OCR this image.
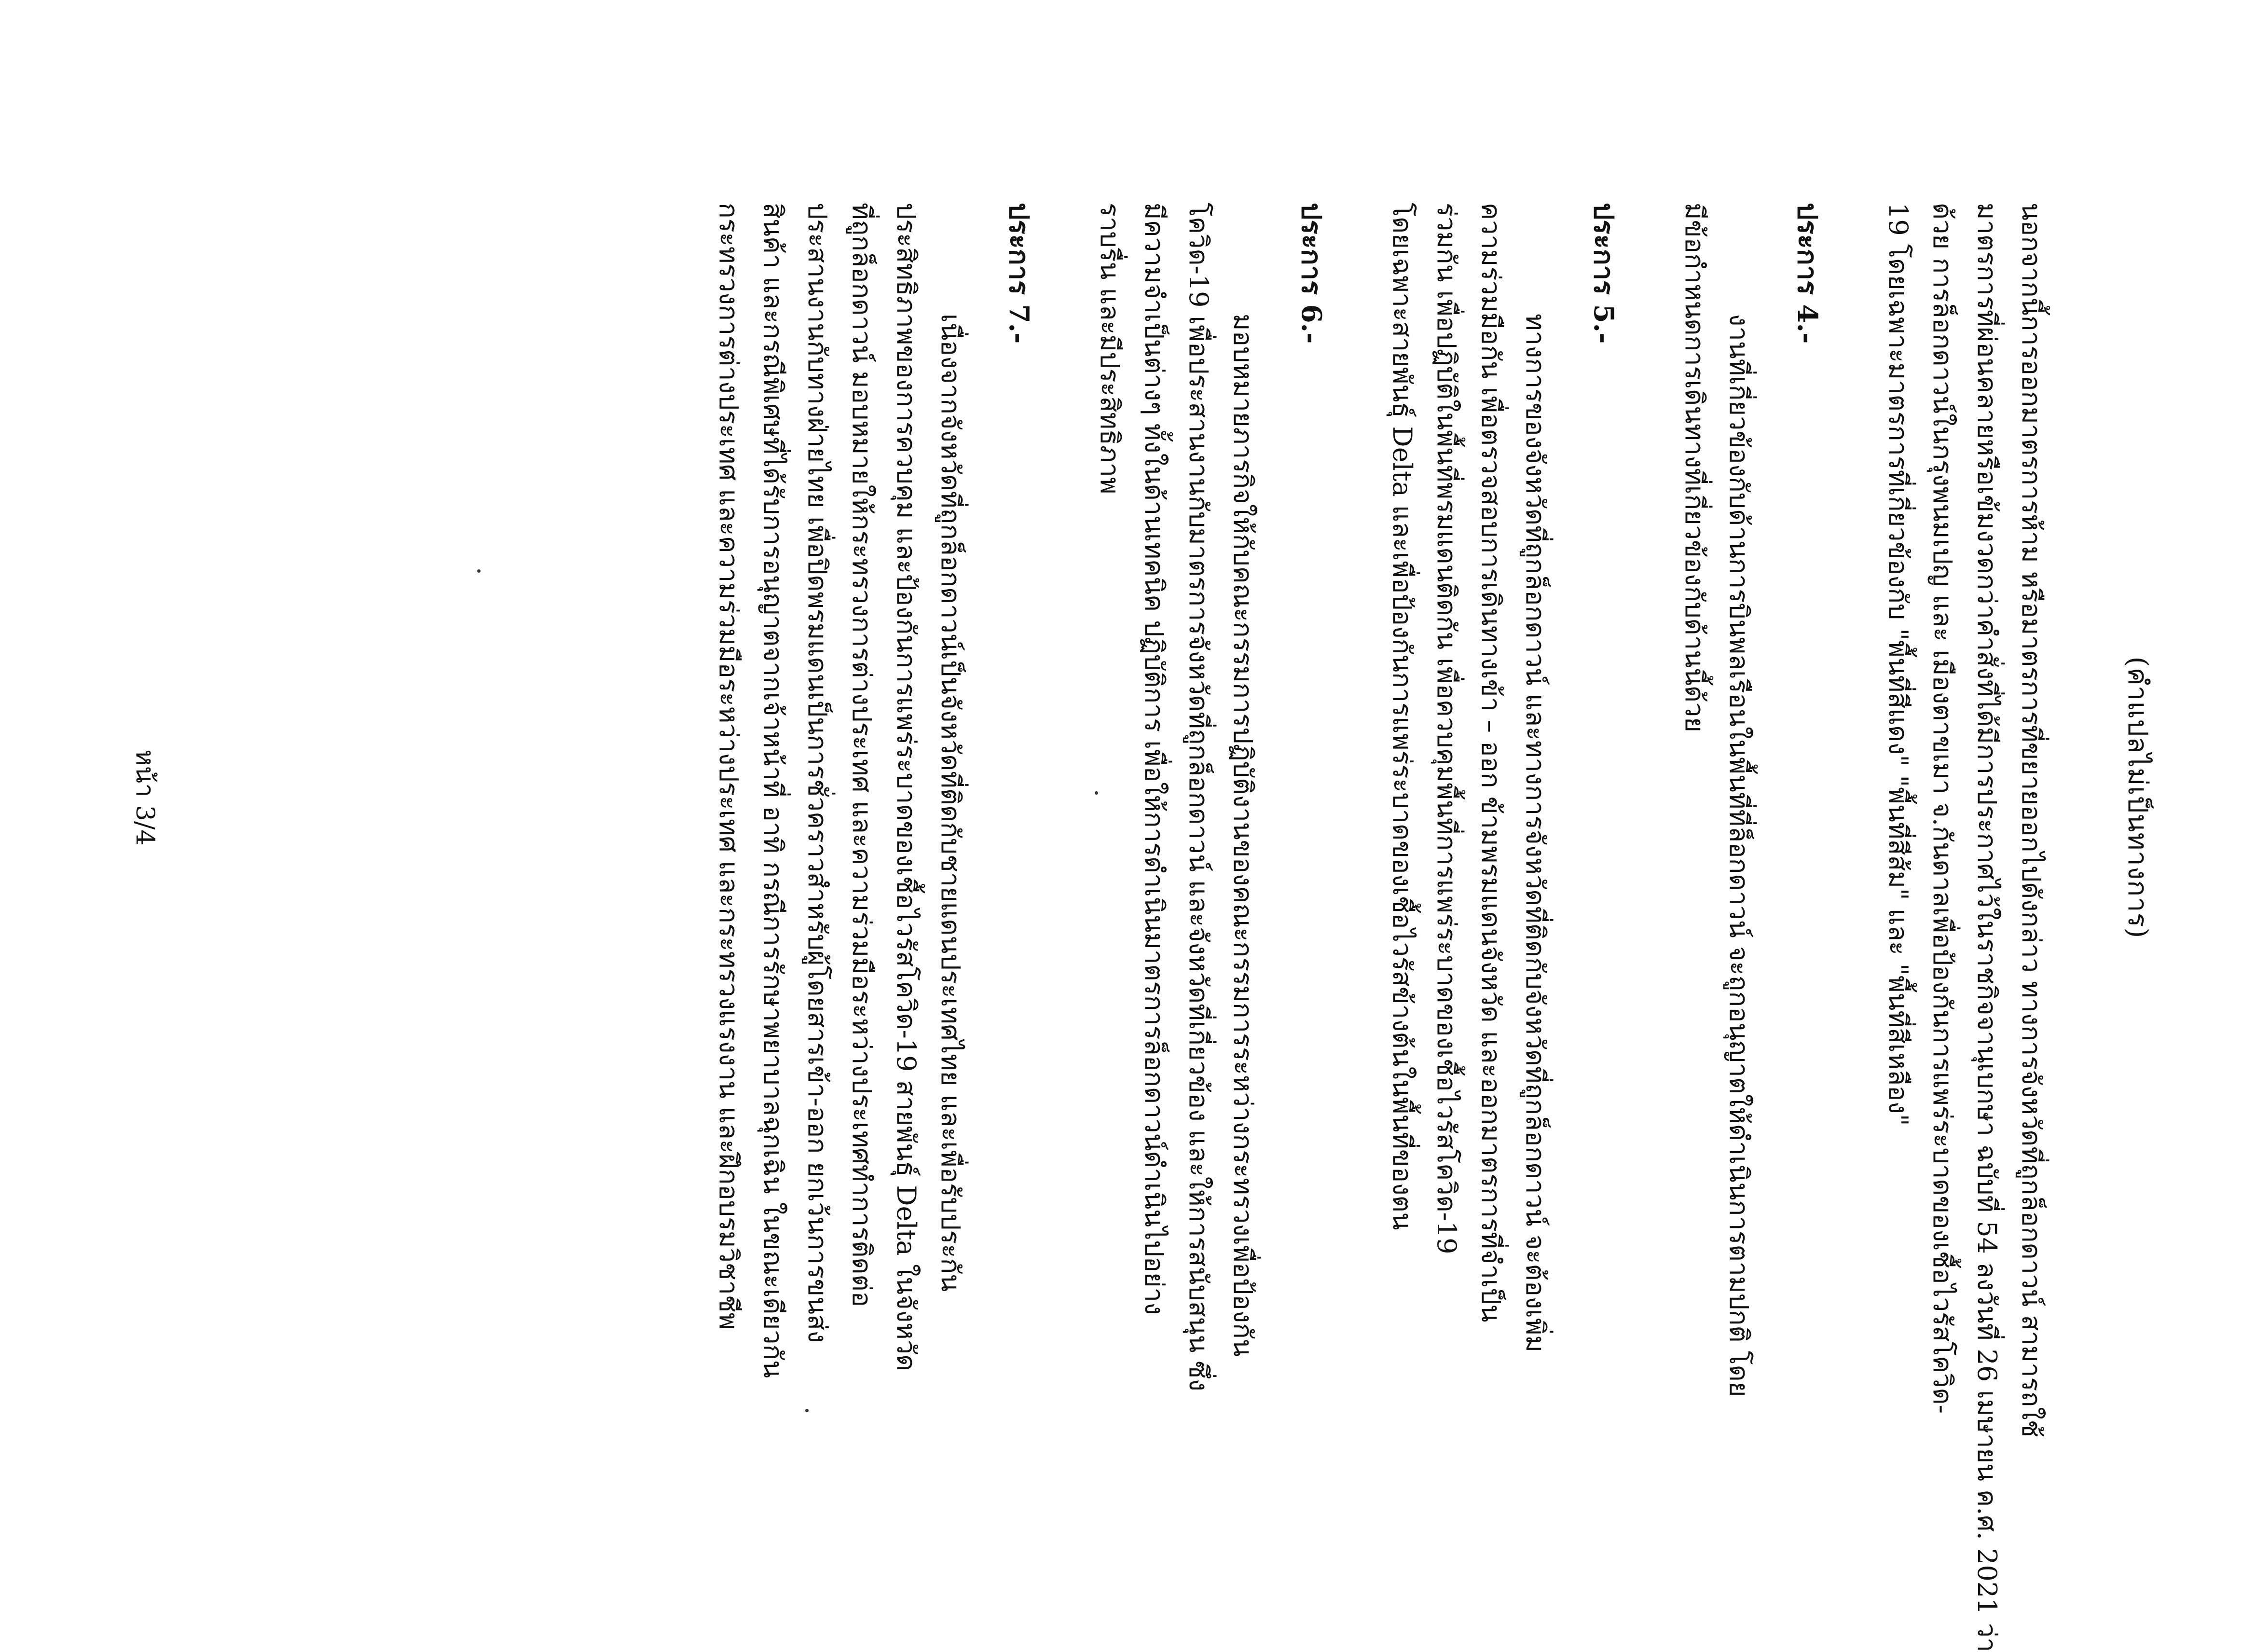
(คำแปลไม่เป็นทางการ)
นอกจากนี้การออกมาตรการห้าม หรือมาตรการที่ขยายออกไปดังกล่าว ทางการจังหวัดที่ถูกล็อกดาวน์ สามารถใช้
มาตรการที่ผ่อนคลายหรือเข้มงวดกว่าคำสั่งที่ได้มีการประกาศไว้ในราชกิจจานุเบกษา ฉบับที่ 54 ลงวันที่ 26 เมษายน ค.ศ. 2021 ว่า
ด้วย การล็อกดาวน์ในกรุงพนมเปญ และ เมืองตาขเมา จ.กันดาลเพื่อป้องกันการแพร่ระบาดของเชื้อไวรัสโควิด-
19 โดยเฉพาะมาตรการที่เกี่ยวข้องกับ "พื้นที่สีแดง" "พื้นที่สีส้ม" และ "พื้นที่สีเหลือง"
ประการ 4.-
งานที่เกี่ยวข้องกับด้านการบินพลเรือนในพื้นที่ที่ล็อกดาวน์ จะถูกอนุญาตให้ดำเนินการตามปกติ โดย
มีข้อกำหนดการเดินทางที่เกี่ยวข้องกับด้านนี้ด้วย
ประการ 5.-
ทางการของจังหวัดที่ถูกล็อกดาวน์ และทางการจังหวัดที่ติดกับจังหวัดที่ถูกล็อกดาวน์ จะต้องเพิ่ม
ความร่วมมือกัน เพื่อตรวจสอบการเดินทางเข้า – ออก ข้ามพรมแดนจังหวัด และออกมาตรการที่จำเป็น
ร่วมกัน เพื่อปฏิบัติในพื้นที่พรมแดนติดกัน เพื่อควบคุมพื้นที่การแพร่ระบาดของเชื้อไวรัสโควิด-19
โดยเฉพาะสายพันธุ์ Delta และเพื่อป้องกันการแพร่ระบาดของเชื้อไวรัสข้างต้นในพื้นที่ของตน
ประการ 6.-
มอบหมายภารกิจให้กับคณะกรรมการปฏิบัติงานของคณะกรรมการระหว่างกระทรวงเพื่อป้องกัน
โควิด-19 เพื่อประสานงานกับมาตรการจังหวัดที่ถูกล็อกดาวน์ และจังหวัดที่เกี่ยวข้อง และให้การสนับสนุน ซึ่ง
มีความจำเป็นต่างๆ ทั้งในด้านเทคนิค ปฏิบัติการ เพื่อให้การดำเนินมาตรการล็อกดาวน์ดำเนินไปอย่าง
ราบรื่น และมีประสิทธิภาพ
ประการ 7.-
เนื่องจากจังหวัดที่ถูกล็อกดาวน์เป็นจังหวัดที่ติดกับชายแดนประเทศไทย และเพื่อรับประกัน
ประสิทธิภาพของการควบคุม และป้องกันการแพร่ระบาดของเชื้อไวรัสโควิด-19 สายพันธุ์ Delta ในจังหวัด
ที่ถูกล็อกดาวน์ มอบหมายให้กระทรวงการต่างประเทศ และความร่วมมือระหว่างประเทศทำการติดต่อ
ประสานงานกับทางฝ่ายไทย เพื่อปิดพรมแดนเป็นการชั่วคราวสำหรับผู้โดยสารเข้า-ออก ยกเว้นการขนส่ง
สินค้า และกรณีพิเศษที่ได้รับการอนุญาตจากเจ้าหน้าที่ อาทิ กรณีการรักษาพยาบาลฉุกเฉิน ในขณะเดียวกัน
กระทรวงการต่างประเทศ และความร่วมมือระหว่างประเทศ และกระทรวงแรงงาน และฝึกอบรมวิชาชีพ
หน้า 3/4
